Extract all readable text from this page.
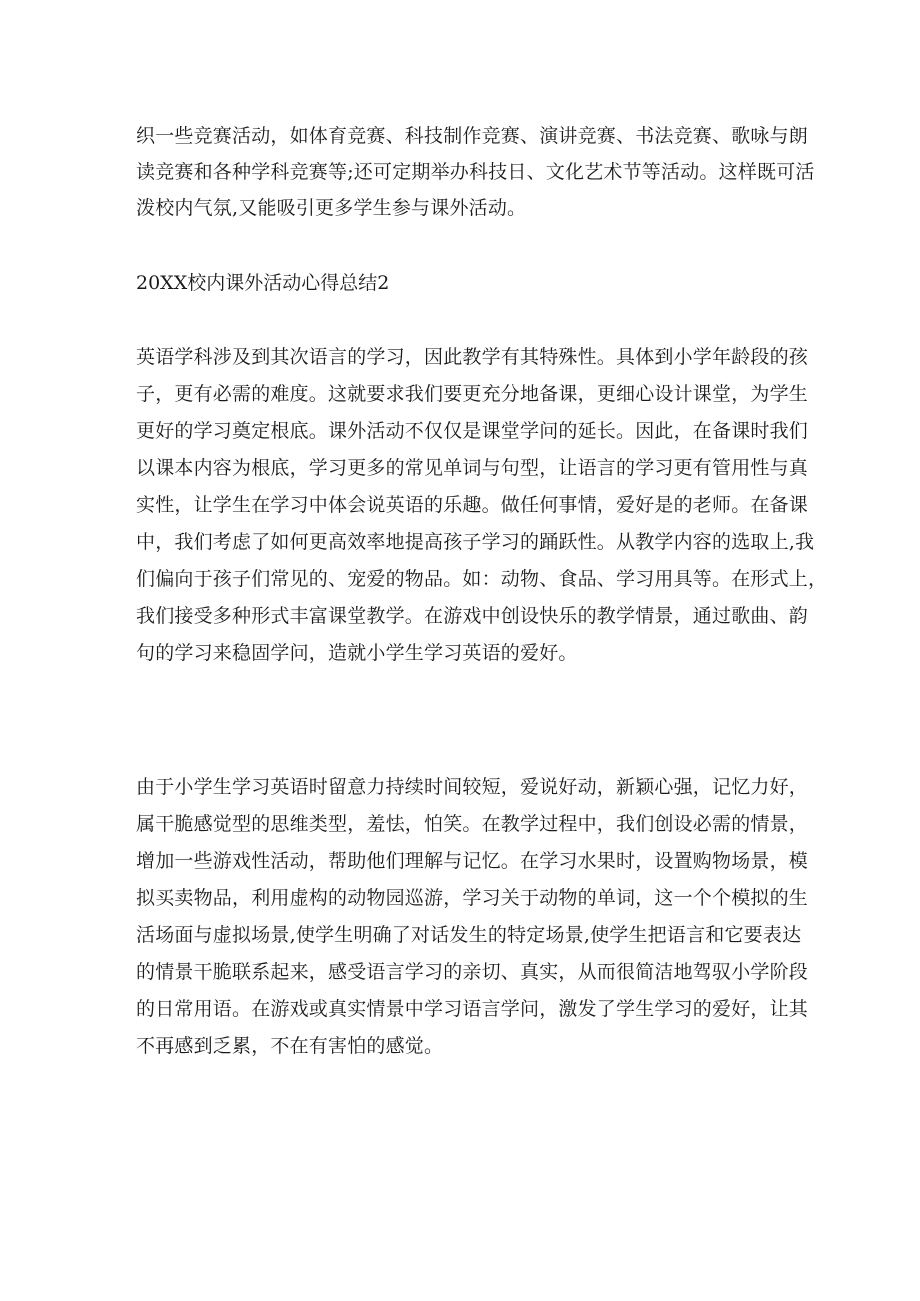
织一些竞赛活动，如体育竞赛、科技制作竞赛、演讲竞赛、书法竞赛、歌咏与朗
读竞赛和各种学科竞赛等;还可定期举办科技日、文化艺术节等活动。这样既可活
泼校内气氛,又能吸引更多学生参与课外活动。
20XX校内课外活动心得总结2
英语学科涉及到其次语言的学习，因此教学有其特殊性。具体到小学年龄段的孩
子，更有必需的难度。这就要求我们要更充分地备课，更细心设计课堂，为学生
更好的学习奠定根底。课外活动不仅仅是课堂学问的延长。因此，在备课时我们
以课本内容为根底，学习更多的常见单词与句型，让语言的学习更有管用性与真
实性，让学生在学习中体会说英语的乐趣。做任何事情，爱好是的老师。在备课
中，我们考虑了如何更高效率地提高孩子学习的踊跃性。从教学内容的选取上,我
们偏向于孩子们常见的、宠爱的物品。如：动物、食品、学习用具等。在形式上，
我们接受多种形式丰富课堂教学。在游戏中创设快乐的教学情景，通过歌曲、韵
句的学习来稳固学问，造就小学生学习英语的爱好。
由于小学生学习英语时留意力持续时间较短，爱说好动，新颖心强，记忆力好，
属干脆感觉型的思维类型，羞怯，怕笑。在教学过程中，我们创设必需的情景，
增加一些游戏性活动，帮助他们理解与记忆。在学习水果时，设置购物场景，模
拟买卖物品，利用虚构的动物园巡游，学习关于动物的单词，这一个个模拟的生
活场面与虚拟场景,使学生明确了对话发生的特定场景,使学生把语言和它要表达
的情景干脆联系起来，感受语言学习的亲切、真实，从而很简洁地驾驭小学阶段
的日常用语。在游戏或真实情景中学习语言学问，激发了学生学习的爱好，让其
不再感到乏累，不在有害怕的感觉。
